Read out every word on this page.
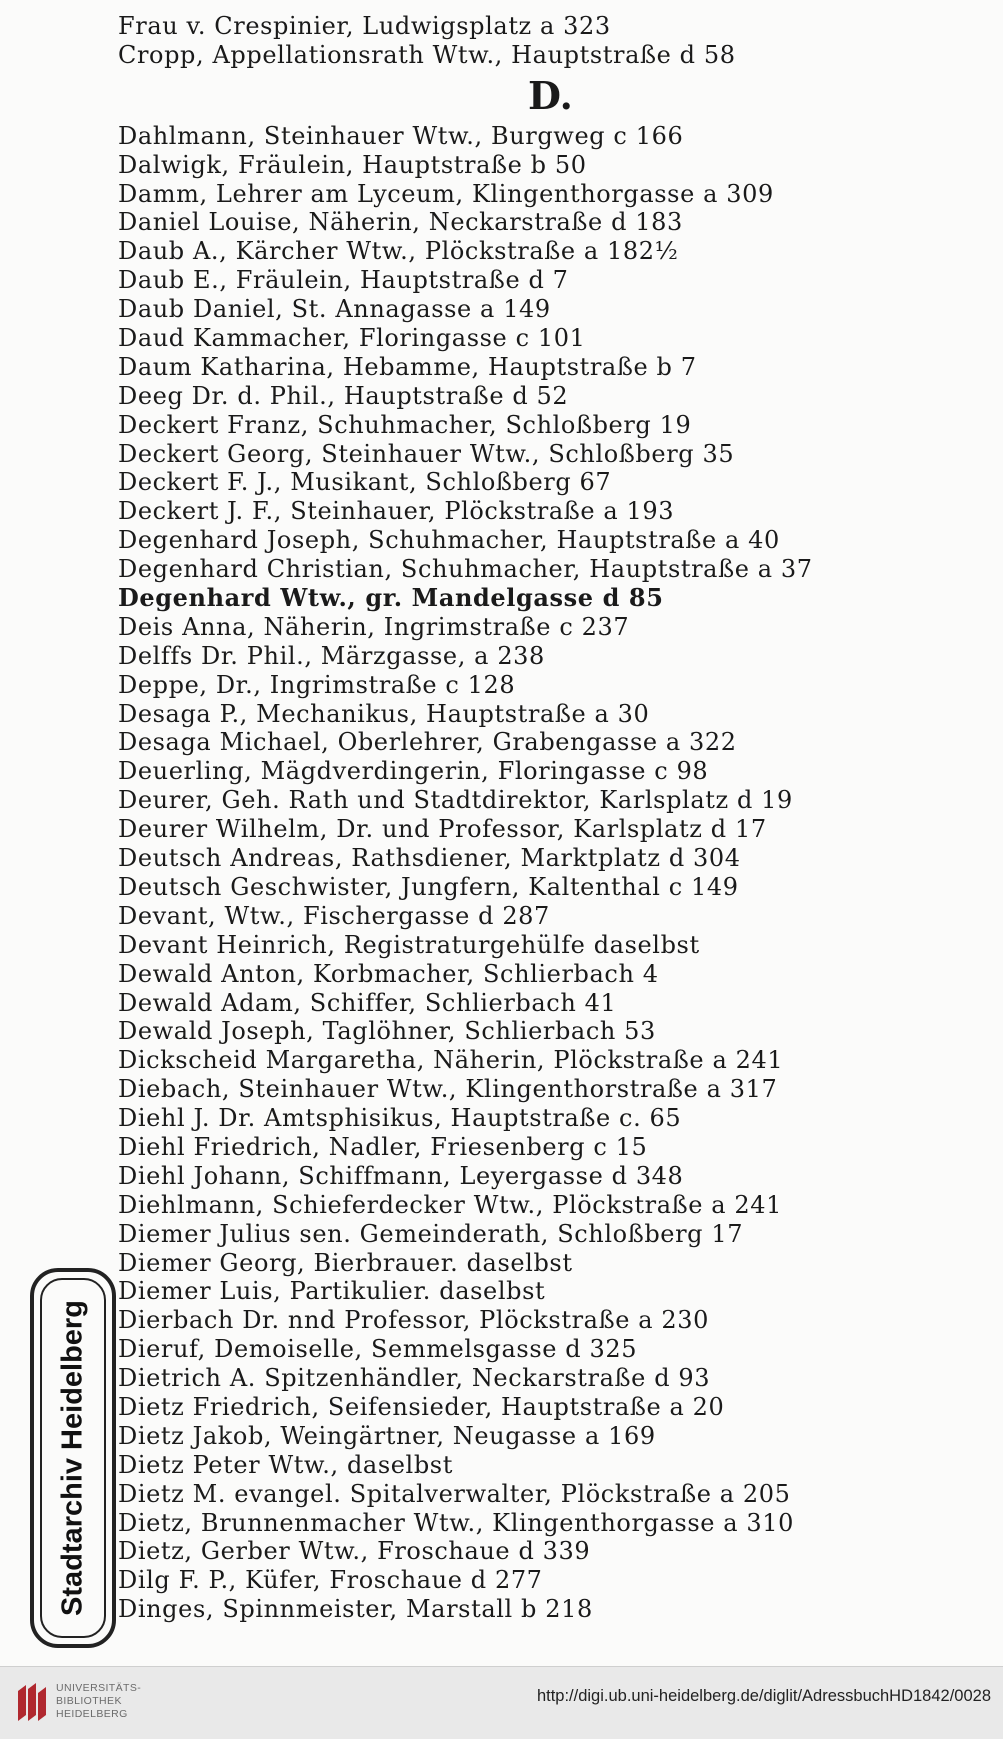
Frau v. Crespinier, Ludwigsplatz a 323
Cropp, Appellationsrath Wtw., Hauptstraße d 58
D.
Dahlmann, Steinhauer Wtw., Burgweg c 166
Dalwigk, Fräulein, Hauptstraße b 50
Damm, Lehrer am Lyceum, Klingenthorgasse a 309
Daniel Louise, Näherin, Neckarstraße d 183
Daub A., Kärcher Wtw., Plöckstraße a 182½
Daub E., Fräulein, Hauptstraße d 7
Daub Daniel, St. Annagasse a 149
Daud Kammacher, Floringasse c 101
Daum Katharina, Hebamme, Hauptstraße b 7
Deeg Dr. d. Phil., Hauptstraße d 52
Deckert Franz, Schuhmacher, Schloßberg 19
Deckert Georg, Steinhauer Wtw., Schloßberg 35
Deckert F. J., Musikant, Schloßberg 67
Deckert J. F., Steinhauer, Plöckstraße a 193
Degenhard Joseph, Schuhmacher, Hauptstraße a 40
Degenhard Christian, Schuhmacher, Hauptstraße a 37
Degenhard Wtw., gr. Mandelgasse d 85
Deis Anna, Näherin, Ingrimstraße c 237
Delffs Dr. Phil., Märzgasse, a 238
Deppe, Dr., Ingrimstraße c 128
Desaga P., Mechanikus, Hauptstraße a 30
Desaga Michael, Oberlehrer, Grabengasse a 322
Deuerling, Mägdverdingerin, Floringasse c 98
Deurer, Geh. Rath und Stadtdirektor, Karlsplatz d 19
Deurer Wilhelm, Dr. und Professor, Karlsplatz d 17
Deutsch Andreas, Rathsdiener, Marktplatz d 304
Deutsch Geschwister, Jungfern, Kaltenthal c 149
Devant, Wtw., Fischergasse d 287
Devant Heinrich, Registraturgehülfe daselbst
Dewald Anton, Korbmacher, Schlierbach 4
Dewald Adam, Schiffer, Schlierbach 41
Dewald Joseph, Taglöhner, Schlierbach 53
Dickscheid Margaretha, Näherin, Plöckstraße a 241
Diebach, Steinhauer Wtw., Klingenthorstraße a 317
Diehl J. Dr. Amtsphisikus, Hauptstraße c. 65
Diehl Friedrich, Nadler, Friesenberg c 15
Diehl Johann, Schiffmann, Leyergasse d 348
Diehlmann, Schieferdecker Wtw., Plöckstraße a 241
Diemer Julius sen. Gemeinderath, Schloßberg 17
Diemer Georg, Bierbrauer. daselbst
Diemer Luis, Partikulier. daselbst
Dierbach Dr. nnd Professor, Plöckstraße a 230
Dieruf, Demoiselle, Semmelsgasse d 325
Dietrich A. Spitzenhändler, Neckarstraße d 93
Dietz Friedrich, Seifensieder, Hauptstraße a 20
Dietz Jakob, Weingärtner, Neugasse a 169
Dietz Peter Wtw., daselbst
Dietz M. evangel. Spitalverwalter, Plöckstraße a 205
Dietz, Brunnenmacher Wtw., Klingenthorgasse a 310
Dietz, Gerber Wtw., Froschaue d 339
Dilg F. P., Küfer, Froschaue d 277
Dinges, Spinnmeister, Marstall b 218
Stadtarchiv Heidelberg
UNIVERSITÄTS-
BIBLIOTHEK
HEIDELBERG
http://digi.ub.uni-heidelberg.de/diglit/AdressbuchHD1842/0028
